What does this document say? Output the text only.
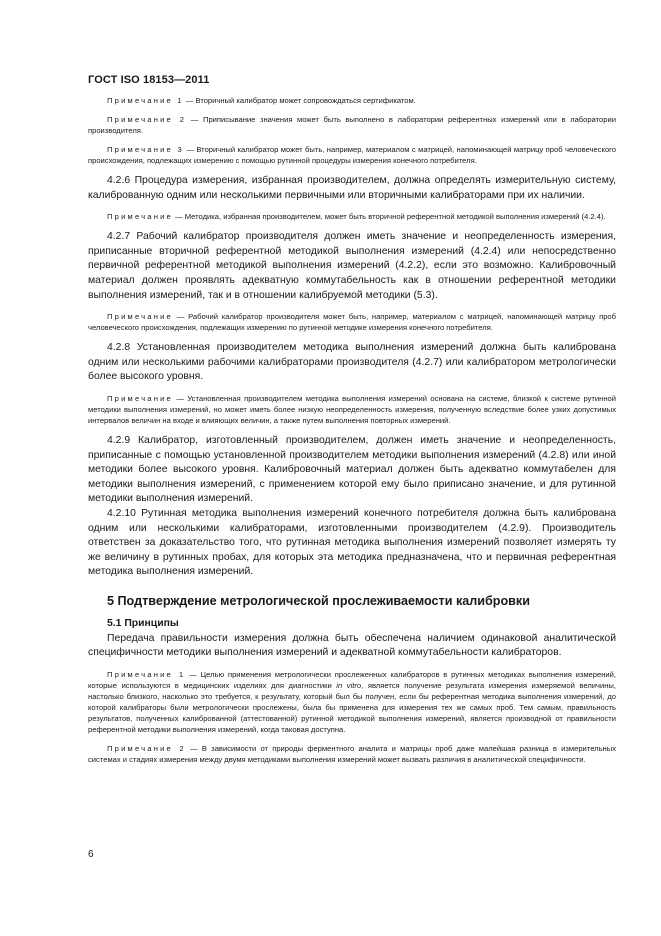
ГОСТ ISO 18153—2011

Примечание 1 — Вторичный калибратор может сопровождаться сертификатом.

Примечание 2 — Приписывание значения может быть выполнено в лаборатории референтных измерений или в лаборатории производителя.

Примечание 3 — Вторичный калибратор может быть, например, материалом с матрицей, напоминающей матрицу проб человеческого происхождения, подлежащих измерению с помощью рутинной процедуры измерения конечного потребителя.

4.2.6 Процедура измерения, избранная производителем, должна определять измерительную систему, калиброванную одним или несколькими первичными или вторичными калибраторами при их наличии.

Примечание — Методика, избранная производителем, может быть вторичной референтной методикой выполнения измерений (4.2.4).

4.2.7 Рабочий калибратор производителя должен иметь значение и неопределенность измерения, приписанные вторичной референтной методикой выполнения измерений (4.2.4) или непосредственно первичной референтной методикой выполнения измерений (4.2.2), если это возможно. Калибровочный материал должен проявлять адекватную коммутабельность как в отношении референтной методики выполнения измерений, так и в отношении калибруемой методики (5.3).

Примечание — Рабочий калибратор производителя может быть, например, материалом с матрицей, напоминающей матрицу проб человеческого происхождения, подлежащих измерению по рутинной методике измерения конечного потребителя.

4.2.8 Установленная производителем методика выполнения измерений должна быть калибрована одним или несколькими рабочими калибраторами производителя (4.2.7) или калибратором метрологически более высокого уровня.

Примечание — Установленная производителем методика выполнения измерений основана на системе, близкой к системе рутинной методики выполнения измерений, но может иметь более низкую неопределенность измерения, полученную вследствие более узких допустимых интервалов величин на входе и влияющих величин, а также путем выполнения повторных измерений.

4.2.9 Калибратор, изготовленный производителем, должен иметь значение и неопределенность, приписанные с помощью установленной производителем методики выполнения измерений (4.2.8) или иной методики более высокого уровня. Калибровочный материал должен быть адекватно коммутабелен для методики выполнения измерений, с применением которой ему было приписано значение, и для рутинной методики выполнения измерений.

4.2.10 Рутинная методика выполнения измерений конечного потребителя должна быть калибрована одним или несколькими калибраторами, изготовленными производителем (4.2.9). Производитель ответствен за доказательство того, что рутинная методика выполнения измерений позволяет измерять ту же величину в рутинных пробах, для которых эта методика предназначена, что и первичная референтная методика выполнения измерений.

5 Подтверждение метрологической прослеживаемости калибровки
5.1 Принципы

Передача правильности измерения должна быть обеспечена наличием одинаковой аналитической специфичности методики выполнения измерений и адекватной коммутабельности калибраторов.

Примечание 1 — Целью применения метрологически прослеженных калибраторов в рутинных методиках выполнения измерений, которые используются в медицинских изделиях для диагностики in vitro, является получение результата измерения измеряемой величины, настолько близкого, насколько это требуется, к результату, который был бы получен, если бы референтная методика выполнения измерений, до которой калибраторы были метрологически прослежены, была бы применена для измерения тех же самых проб. Тем самым, правильность результатов, полученных калиброванной (аттестованной) рутинной методикой выполнения измерений, является производной от правильности референтной методики выполнения измерений, когда таковая доступна.

Примечание 2 — В зависимости от природы ферментного аналита и матрицы проб даже малейшая разница в измерительных системах и стадиях измерения между двумя методиками выполнения измерений может вызвать различия в аналитической специфичности.

6
